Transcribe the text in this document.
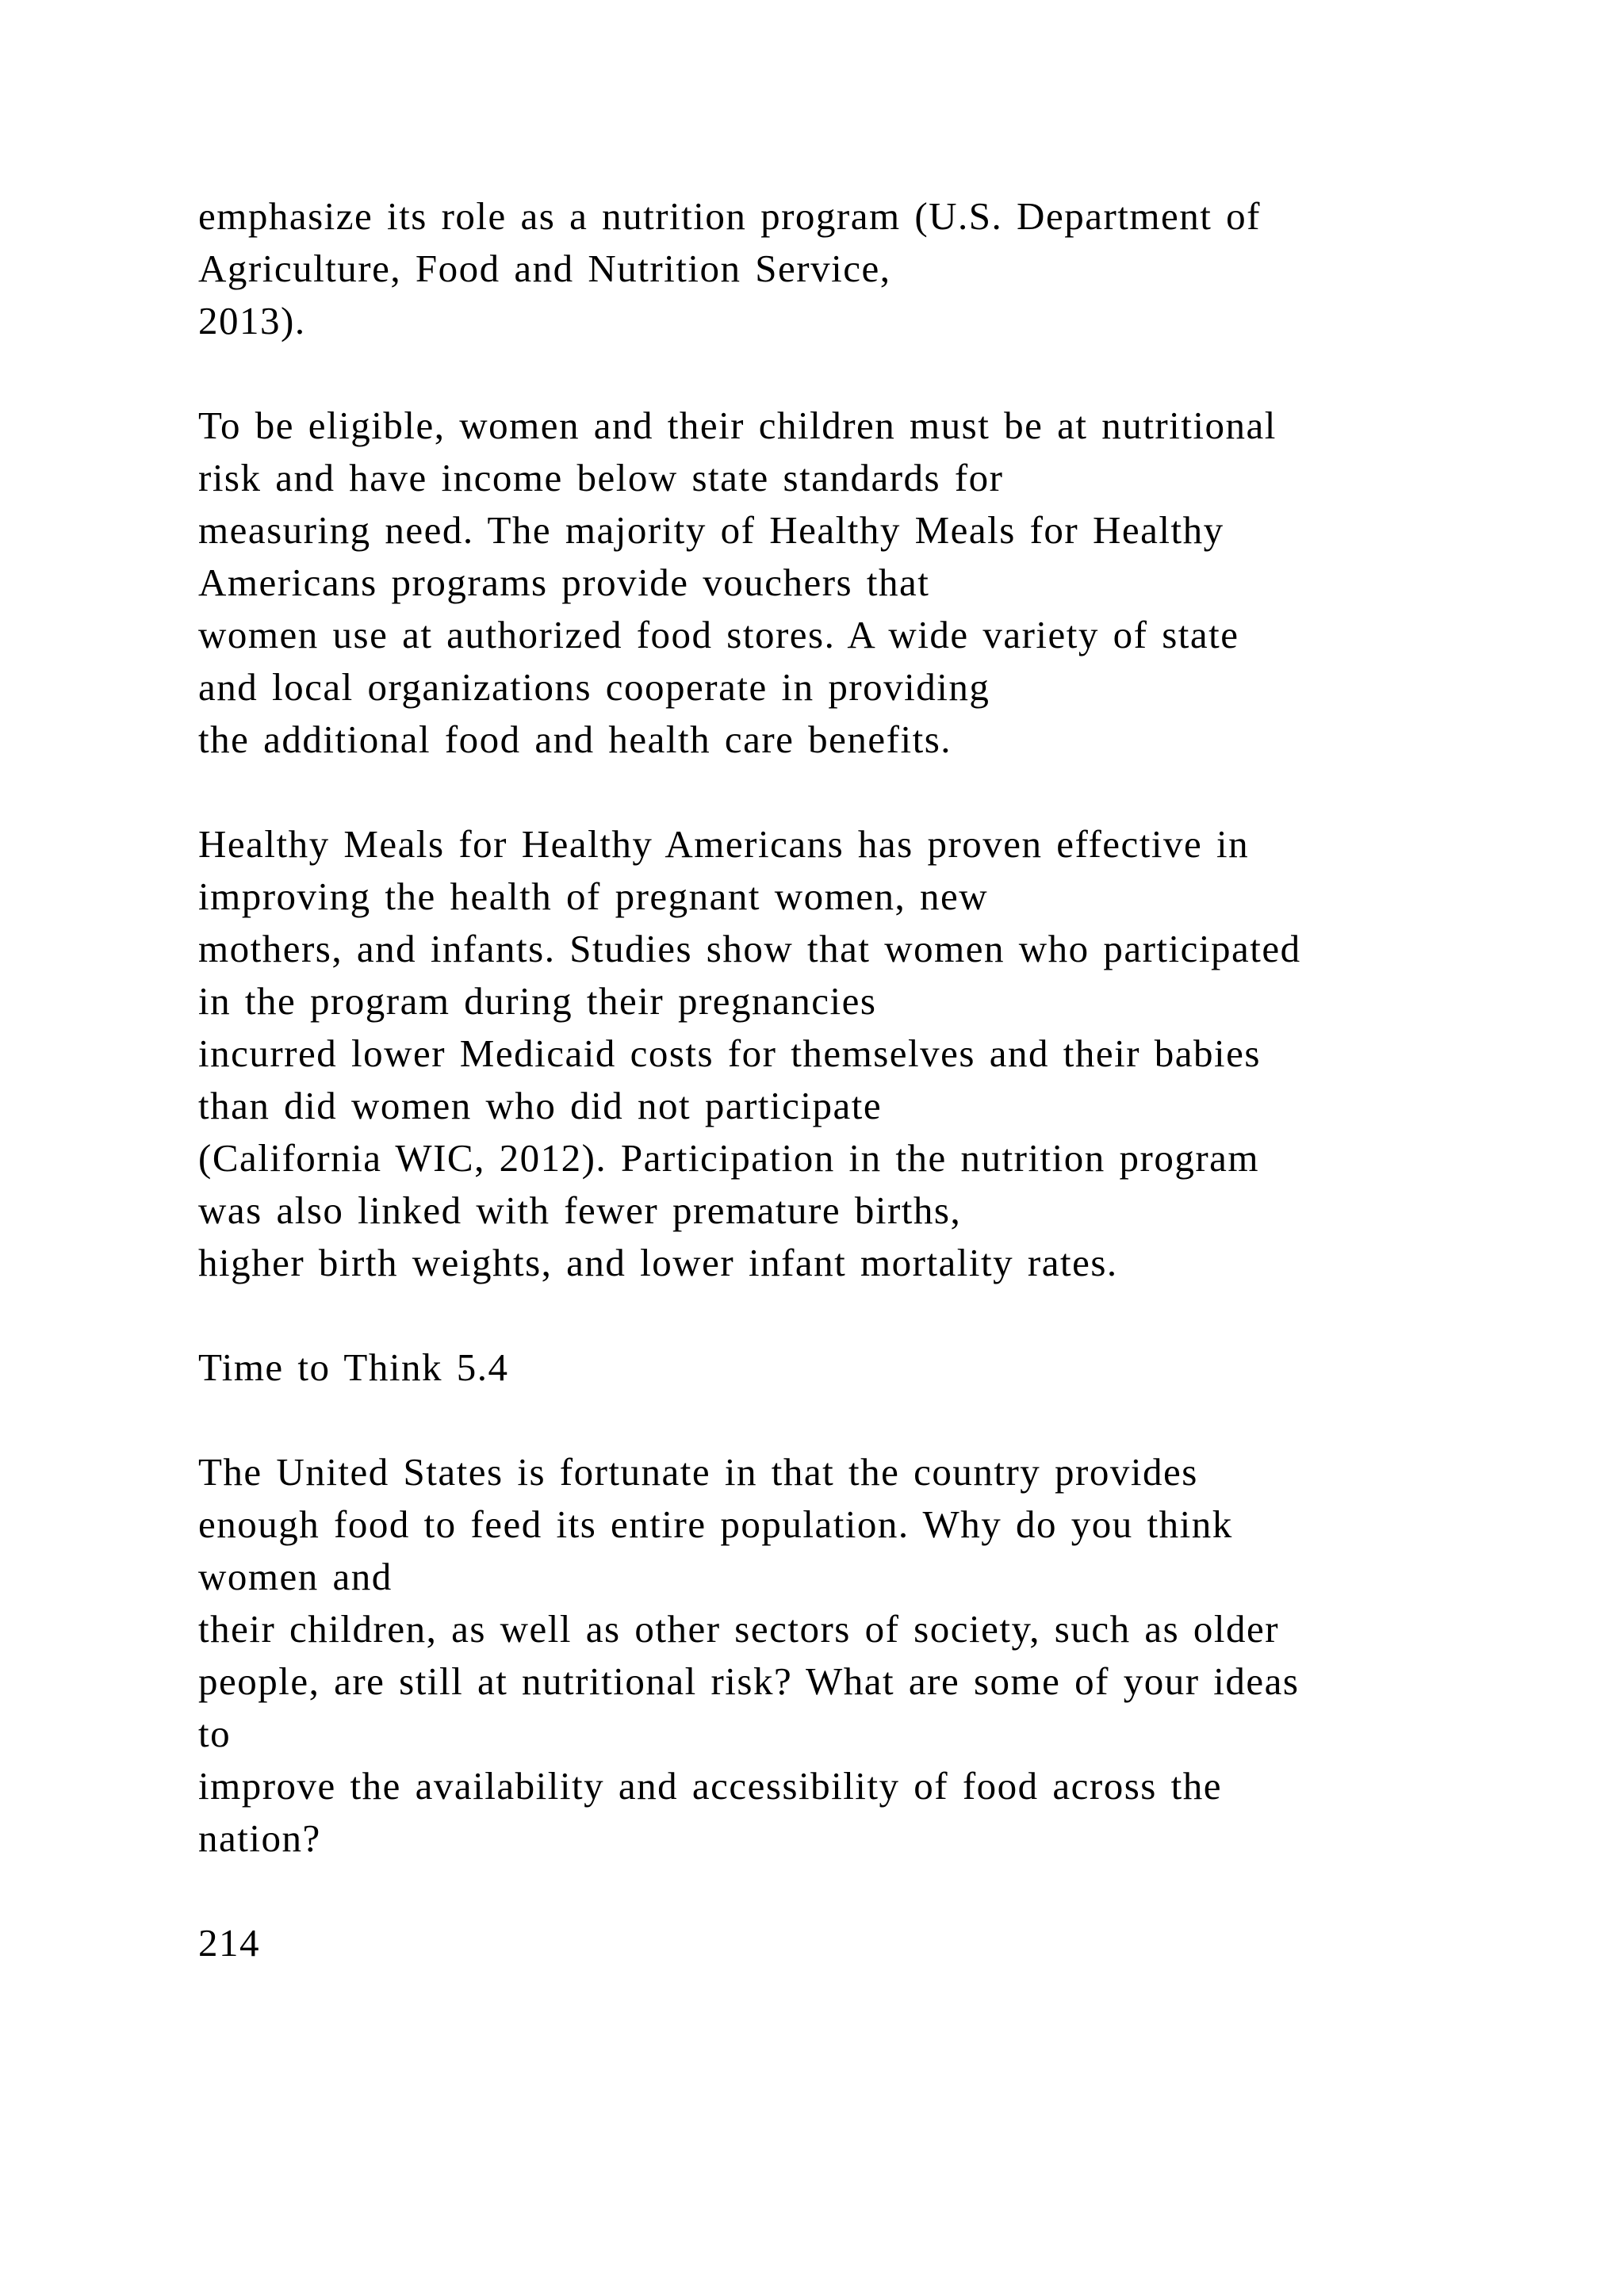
emphasize its role as a nutrition program (U.S. Department of
Agriculture, Food and Nutrition Service,
2013).
To be eligible, women and their children must be at nutritional
risk and have income below state standards for
measuring need. The majority of Healthy Meals for Healthy
Americans programs provide vouchers that
women use at authorized food stores. A wide variety of state
and local organizations cooperate in providing
the additional food and health care benefits.
Healthy Meals for Healthy Americans has proven effective in
improving the health of pregnant women, new
mothers, and infants. Studies show that women who participated
in the program during their pregnancies
incurred lower Medicaid costs for themselves and their babies
than did women who did not participate
(California WIC, 2012). Participation in the nutrition program
was also linked with fewer premature births,
higher birth weights, and lower infant mortality rates.
Time to Think 5.4
The United States is fortunate in that the country provides
enough food to feed its entire population. Why do you think
women and
their children, as well as other sectors of society, such as older
people, are still at nutritional risk? What are some of your ideas
to
improve the availability and accessibility of food across the
nation?
214
